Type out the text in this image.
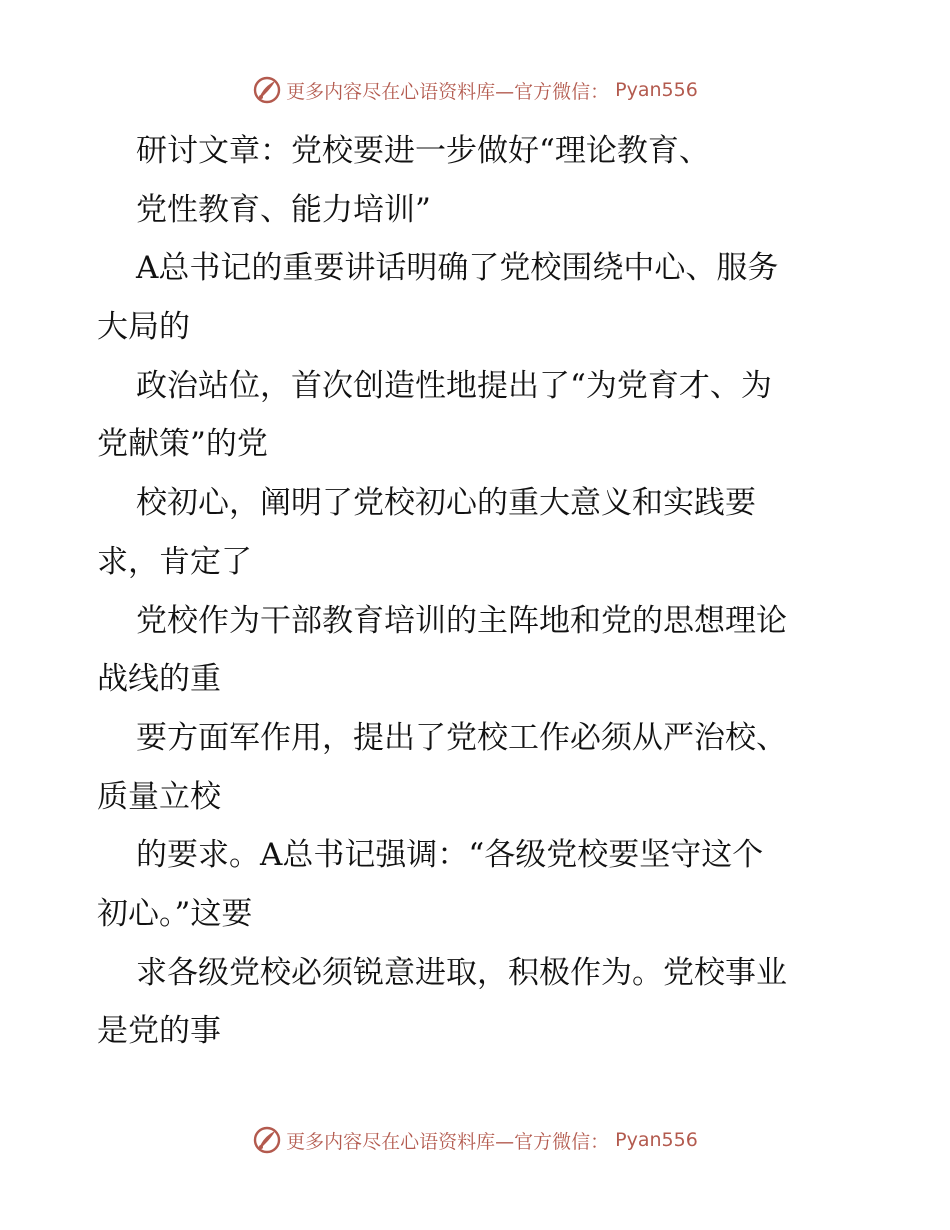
更多内容尽在心语资料库—官方微信： Pyan556
研讨文章：党校要进一步做好“理论教育、
党性教育、能力培训”
A总书记的重要讲话明确了党校围绕中心、服务
大局的
政治站位，首次创造性地提出了“为党育才、为
党献策”的党
校初心，阐明了党校初心的重大意义和实践要
求，肯定了
党校作为干部教育培训的主阵地和党的思想理论
战线的重
要方面军作用，提出了党校工作必须从严治校、
质量立校
的要求。A总书记强调：“各级党校要坚守这个
初心。”这要
求各级党校必须锐意进取，积极作为。党校事业
是党的事
更多内容尽在心语资料库—官方微信： Pyan556
